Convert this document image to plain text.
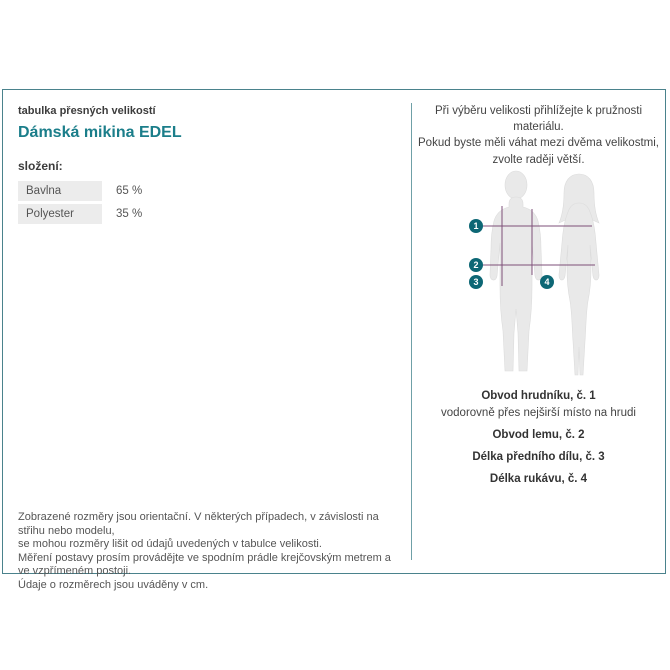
tabulka přesných velikostí
Dámská mikina EDEL
složení:
Bavlna	65 %
Polyester	35 %
Zobrazené rozměry jsou orientační. V některých případech, v závislosti na střihu nebo modelu,
se mohou rozměry lišit od údajů uvedených v tabulce velikosti.
Měření postavy prosím provádějte ve spodním prádle krejčovským metrem a ve vzpřímeném postoji.
Údaje o rozměrech jsou uváděny v cm.
Při výběru velikosti přihlížejte k pružnosti materiálu.
Pokud byste měli váhat mezi dvěma velikostmi,
zvolte raději větší.
1
2
3	4
Obvod hrudníku, č. 1
vodorovně přes nejširší místo na hrudi
Obvod lemu, č. 2
Délka předního dílu, č. 3
Délka rukávu, č. 4
